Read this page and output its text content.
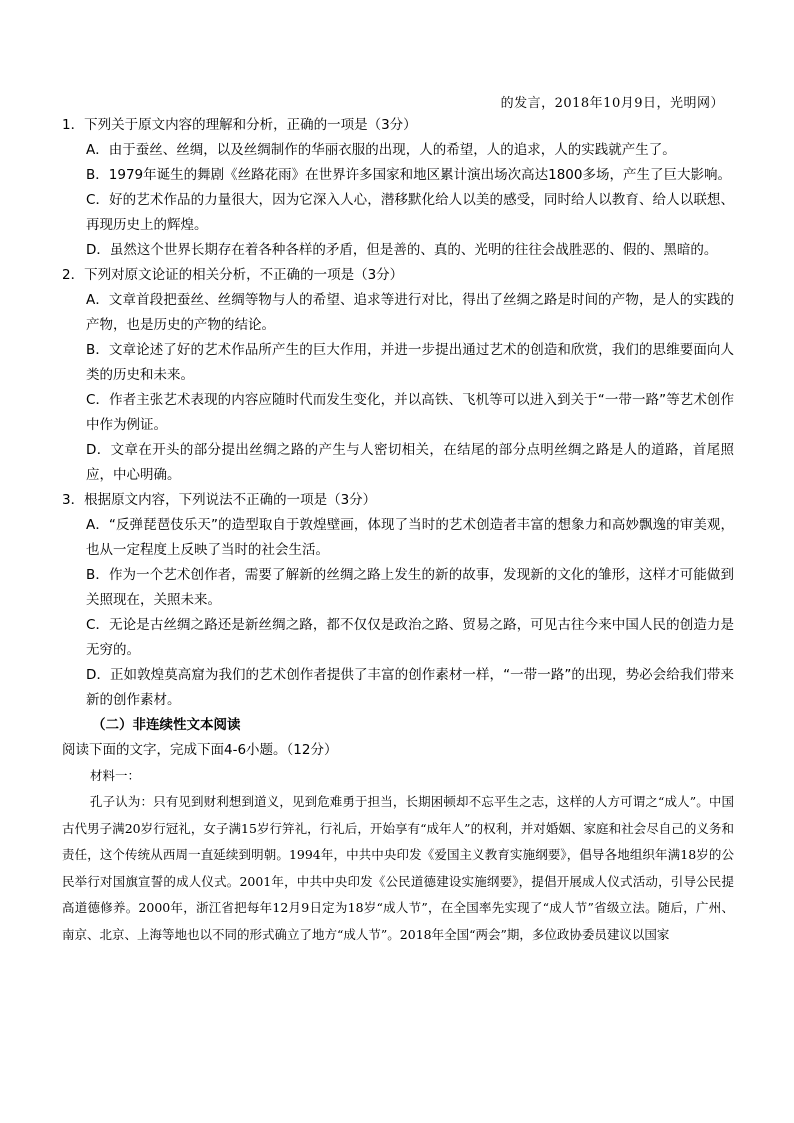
的发言，2018年10月9日，光明网）

1．下列关于原文内容的理解和分析，正确的一项是（3分）

A．由于蚕丝、丝绸，以及丝绸制作的华丽衣服的出现，人的希望，人的追求，人的实践就产生了。

B．1979年诞生的舞剧《丝路花雨》在世界许多国家和地区累计演出场次高达1800多场，产生了巨大影响。

C．好的艺术作品的力量很大，因为它深入人心，潜移默化给人以美的感受，同时给人以教育、给人以联想、再现历史上的辉煌。

D．虽然这个世界长期存在着各种各样的矛盾，但是善的、真的、光明的往往会战胜恶的、假的、黑暗的。

2．下列对原文论证的相关分析，不正确的一项是（3分）

A．文章首段把蚕丝、丝绸等物与人的希望、追求等进行对比，得出了丝绸之路是时间的产物，是人的实践的产物，也是历史的产物的结论。

B．文章论述了好的艺术作品所产生的巨大作用，并进一步提出通过艺术的创造和欣赏，我们的思维要面向人类的历史和未来。

C．作者主张艺术表现的内容应随时代而发生变化，并以高铁、飞机等可以进入到关于“一带一路”等艺术创作中作为例证。

D．文章在开头的部分提出丝绸之路的产生与人密切相关，在结尾的部分点明丝绸之路是人的道路，首尾照应，中心明确。

3．根据原文内容，下列说法不正确的一项是（3分）

A．“反弹琵琶伎乐天”的造型取自于敦煌壁画，体现了当时的艺术创造者丰富的想象力和高妙飘逸的审美观，也从一定程度上反映了当时的社会生活。

B．作为一个艺术创作者，需要了解新的丝绸之路上发生的新的故事，发现新的文化的雏形，这样才可能做到关照现在，关照未来。

C．无论是古丝绸之路还是新丝绸之路，都不仅仅是政治之路、贸易之路，可见古往今来中国人民的创造力是无穷的。

D．正如敦煌莫高窟为我们的艺术创作者提供了丰富的创作素材一样，“一带一路”的出现，势必会给我们带来新的创作素材。

（二）非连续性文本阅读

阅读下面的文字，完成下面4-6小题。（12分）

材料一：

孔子认为：只有见到财利想到道义，见到危难勇于担当，长期困顿却不忘平生之志，这样的人方可谓之“成人”。中国古代男子满20岁行冠礼，女子满15岁行笄礼，行礼后，开始享有“成年人”的权利，并对婚姻、家庭和社会尽自己的义务和责任，这个传统从西周一直延续到明朝。1994年，中共中央印发《爱国主义教育实施纲要》，倡导各地组织年满18岁的公民举行对国旗宣誓的成人仪式。2001年，中共中央印发《公民道德建设实施纲要》，提倡开展成人仪式活动，引导公民提高道德修养。2000年，浙江省把每年12月9日定为18岁“成人节”，在全国率先实现了“成人节”省级立法。随后，广州、南京、北京、上海等地也以不同的形式确立了地方“成人节”。2018年全国“两会”期，多位政协委员建议以国家
